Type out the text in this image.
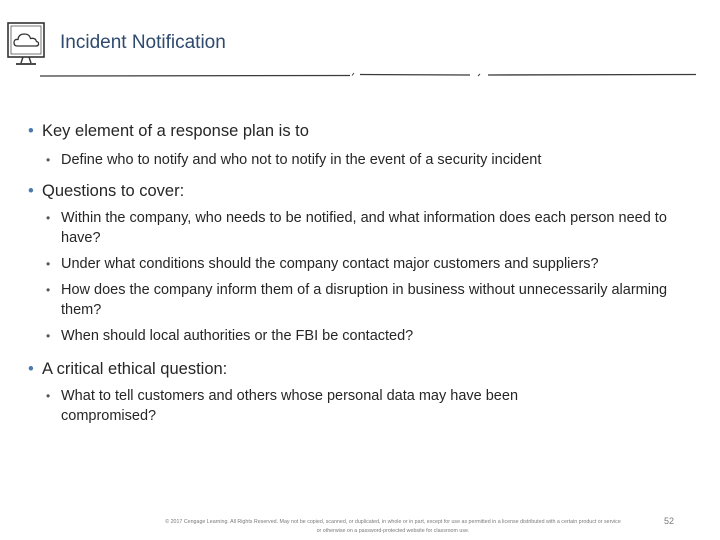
Incident Notification
• Key element of a response plan is to
• Define who to notify and who not to notify in the event of a security incident
• Questions to cover:
• Within the company, who needs to be notified, and what information does each person need to have?
• Under what conditions should the company contact major customers and suppliers?
• How does the company inform them of a disruption in business without unnecessarily alarming them?
• When should local authorities or the FBI be contacted?
• A critical ethical question:
• What to tell customers and others whose personal data may have been compromised?
© 2017 Cengage Learning. All Rights Reserved. May not be copied, scanned, or duplicated, in whole or in part, except for use as permitted in a license distributed with a certain product or service
or otherwise on a password-protected website for classroom use.
52
